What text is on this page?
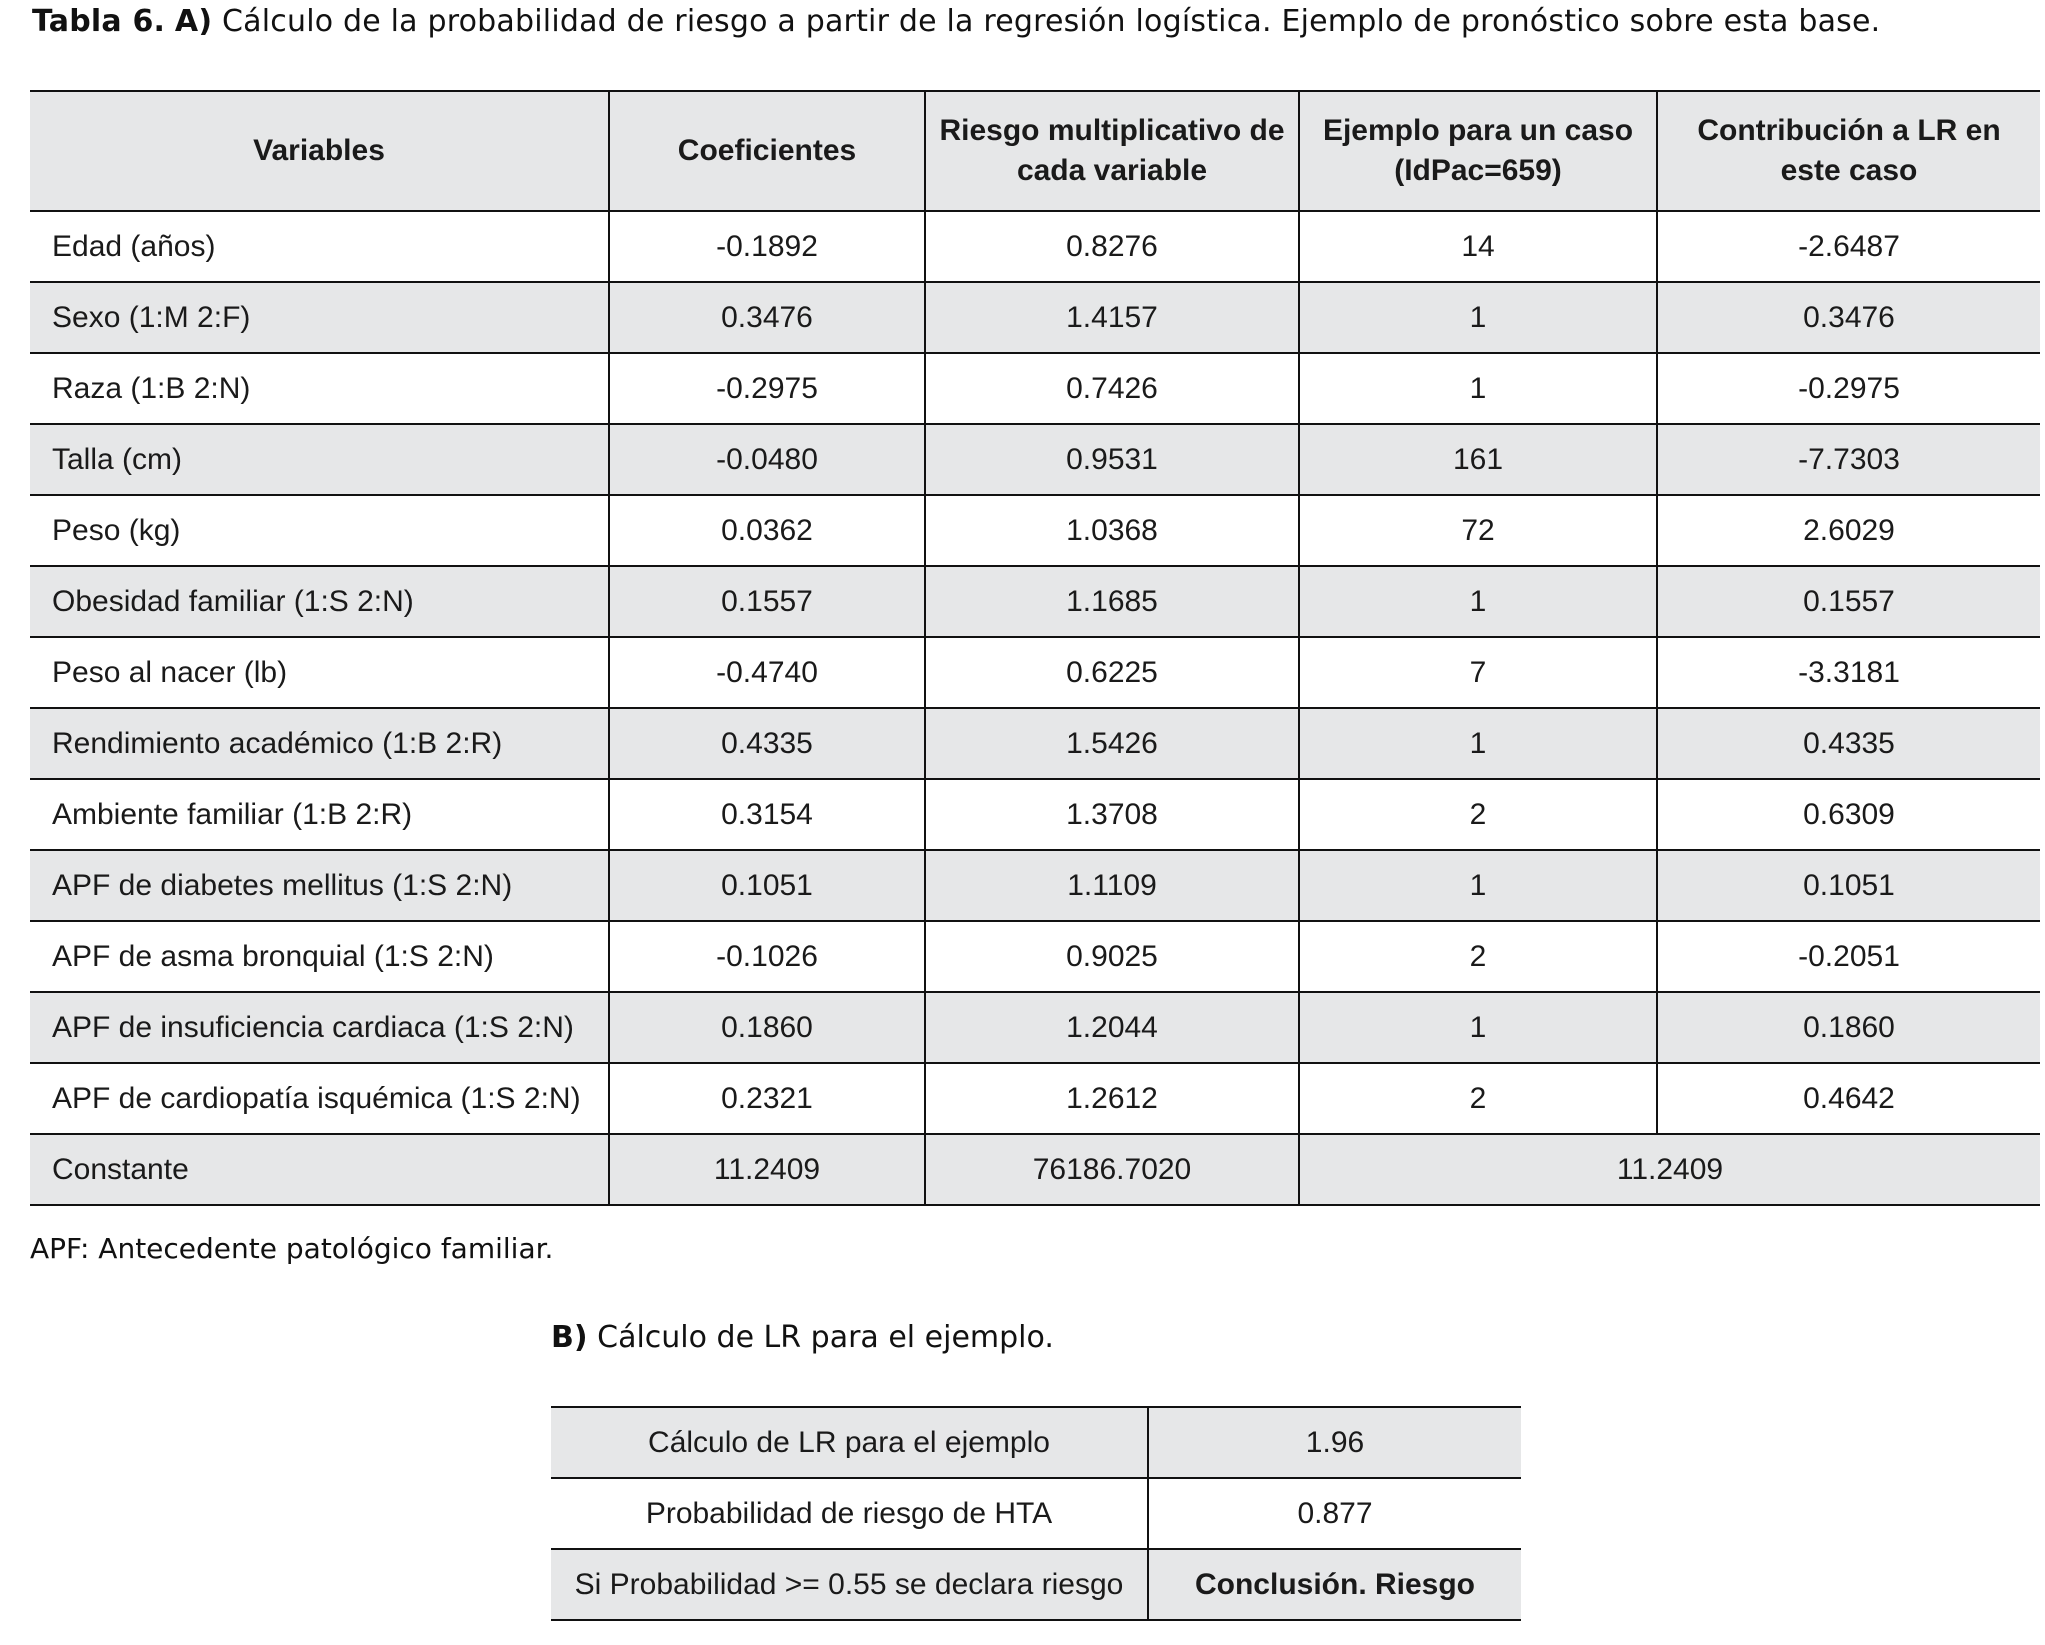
Tabla 6. A) Cálculo de la probabilidad de riesgo a partir de la regresión logística. Ejemplo de pronóstico sobre esta base.
Variables	Coeficientes	Riesgo multiplicativo de cada variable	Ejemplo para un caso (IdPac=659)	Contribución a LR en este caso
Edad (años)	-0.1892	0.8276	14	-2.6487
Sexo (1:M 2:F)	0.3476	1.4157	1	0.3476
Raza (1:B 2:N)	-0.2975	0.7426	1	-0.2975
Talla (cm)	-0.0480	0.9531	161	-7.7303
Peso (kg)	0.0362	1.0368	72	2.6029
Obesidad familiar (1:S 2:N)	0.1557	1.1685	1	0.1557
Peso al nacer (lb)	-0.4740	0.6225	7	-3.3181
Rendimiento académico (1:B 2:R)	0.4335	1.5426	1	0.4335
Ambiente familiar (1:B 2:R)	0.3154	1.3708	2	0.6309
APF de diabetes mellitus (1:S 2:N)	0.1051	1.1109	1	0.1051
APF de asma bronquial (1:S 2:N)	-0.1026	0.9025	2	-0.2051
APF de insuficiencia cardiaca (1:S 2:N)	0.1860	1.2044	1	0.1860
APF de cardiopatía isquémica (1:S 2:N)	0.2321	1.2612	2	0.4642
Constante	11.2409	76186.7020	11.2409	
APF: Antecedente patológico familiar.
B) Cálculo de LR para el ejemplo.
Cálculo de LR para el ejemplo	1.96
Probabilidad de riesgo de HTA	0.877
Si Probabilidad >= 0.55 se declara riesgo	Conclusión. Riesgo
